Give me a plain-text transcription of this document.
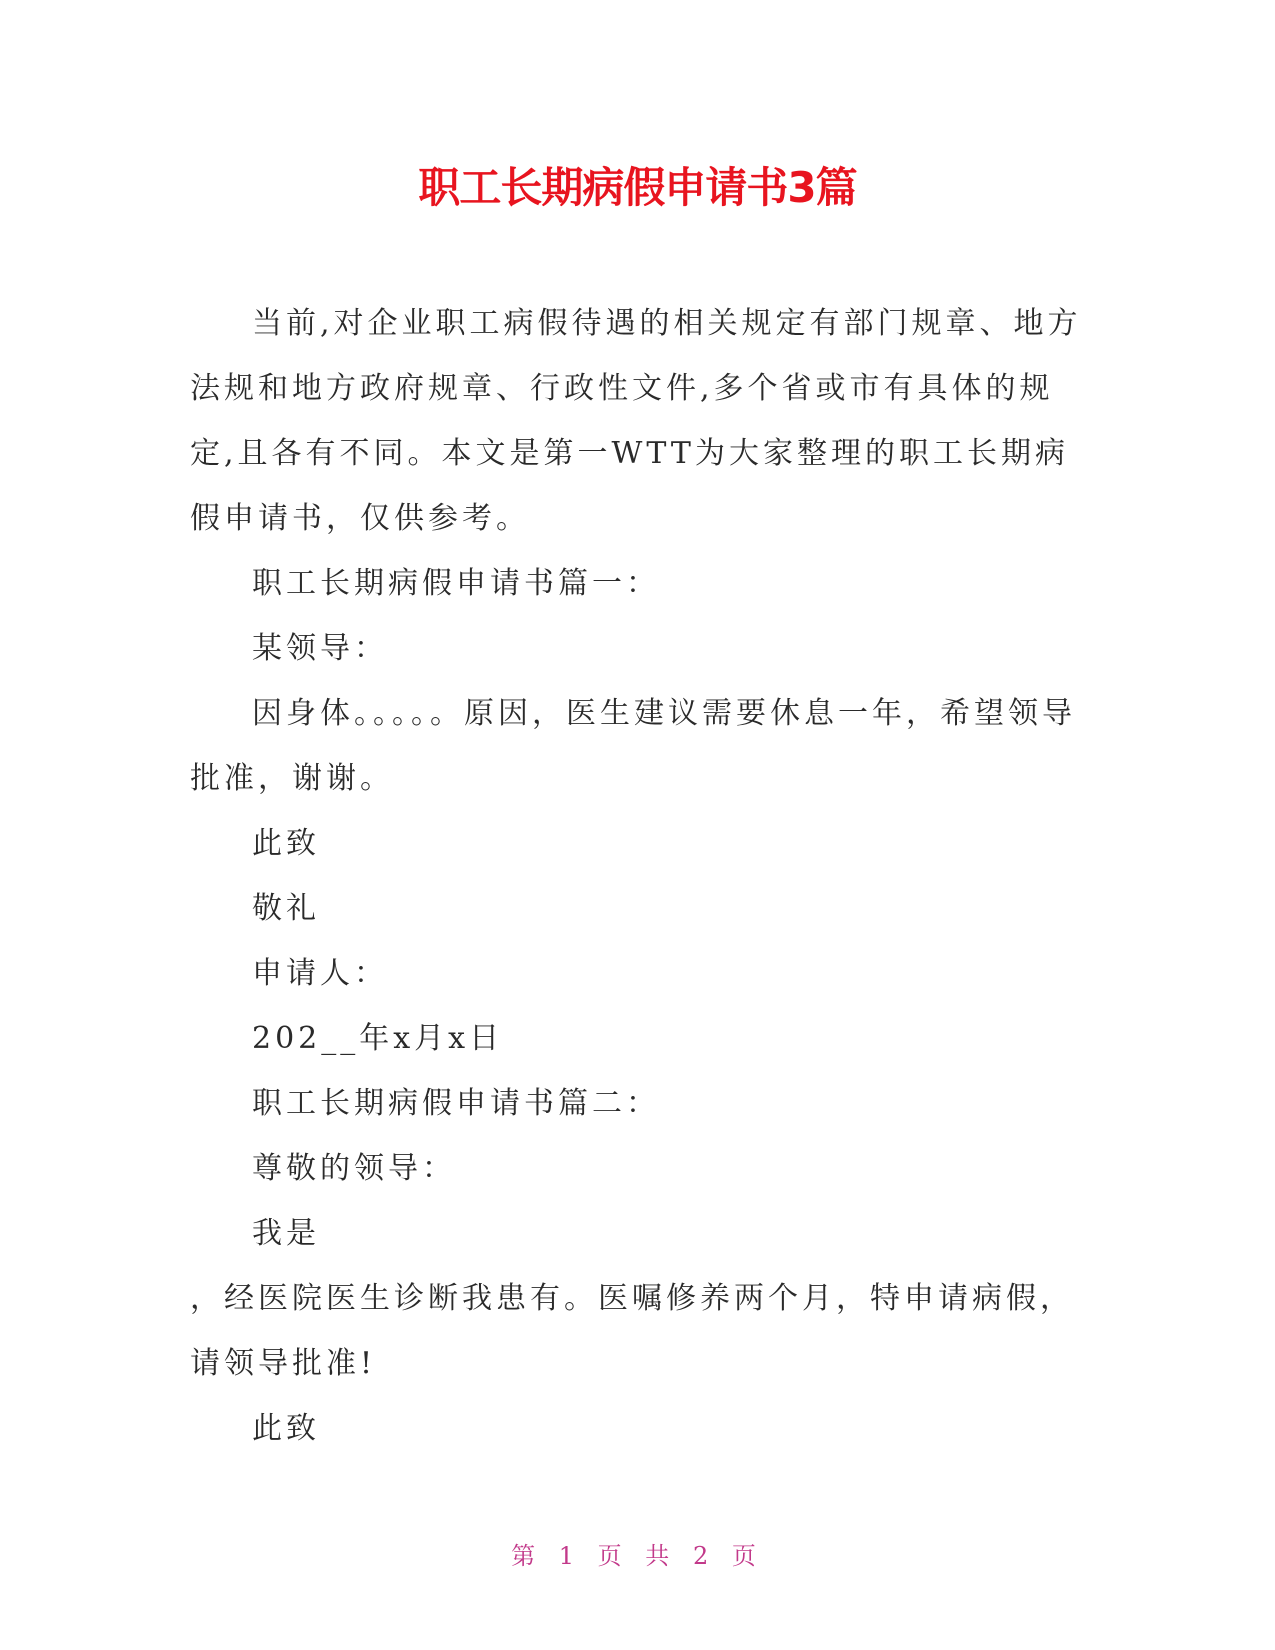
职工长期病假申请书3篇

当前,对企业职工病假待遇的相关规定有部门规章、地方法规和地方政府规章、行政性文件,多个省或市有具体的规定,且各有不同。本文是第一WTT为大家整理的职工长期病假申请书，仅供参考。

职工长期病假申请书篇一：

某领导：

因身体。。。。。原因，医生建议需要休息一年，希望领导批准，谢谢。

此致

敬礼

申请人：

202__年x月x日

职工长期病假申请书篇二：

尊敬的领导：

我是

，经医院医生诊断我患有。医嘱修养两个月，特申请病假，请领导批准!

此致

第 1 页 共 2 页
